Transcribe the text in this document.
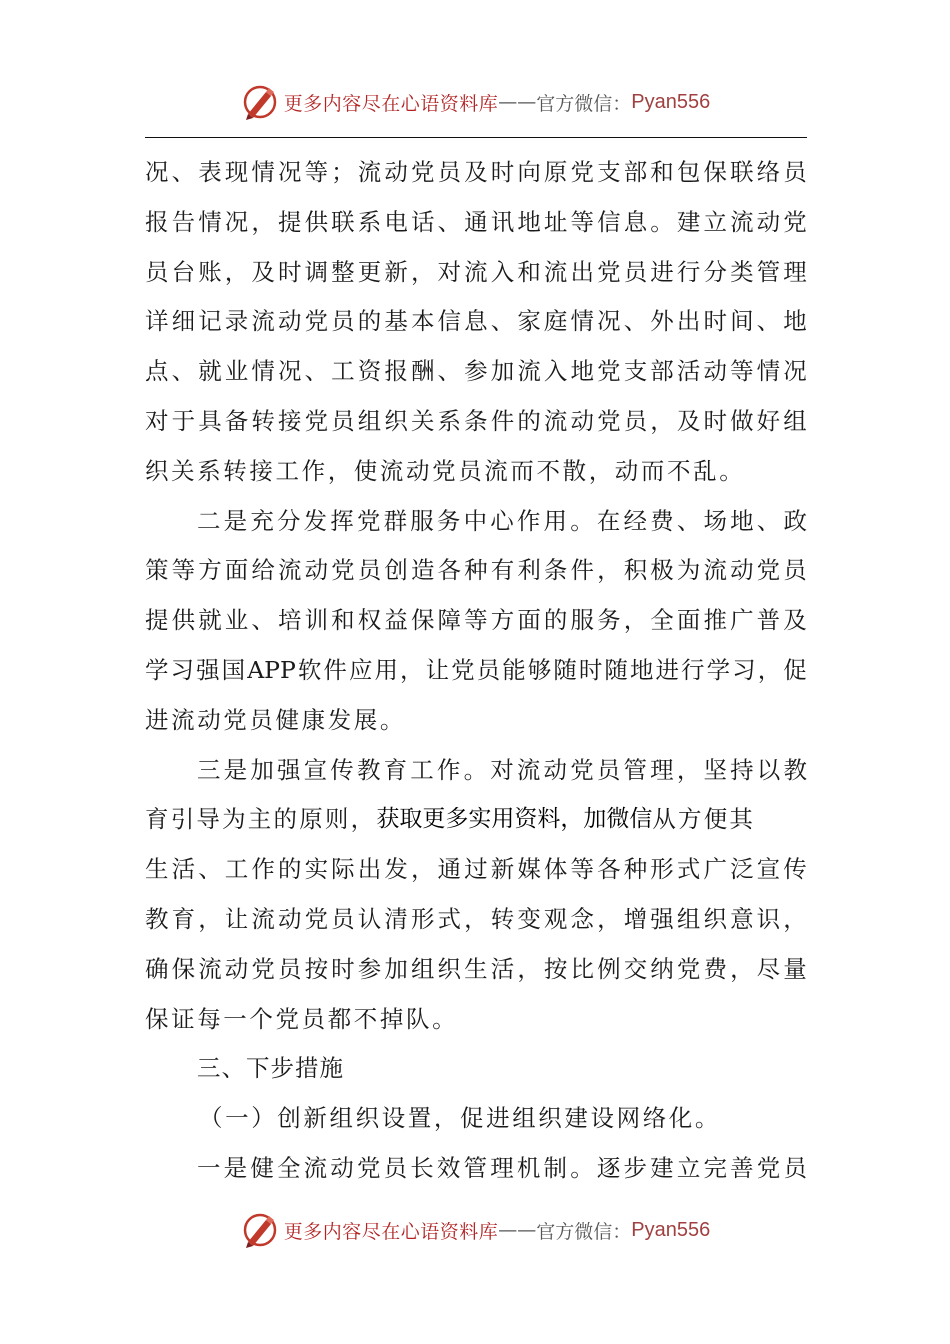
更多内容尽在心语资料库 —— 官方微信： Pyan556
况 、 表 现 情 况 等 ； 流 动 党 员 及 时 向 原 党 支 部 和 包 保 联 络 员
报 告 情 况 ， 提 供 联 系 电 话 、 通 讯 地 址 等 信 息 。 建 立 流 动 党
员 台 账 ， 及 时 调 整 更 新 ， 对 流 入 和 流 出 党 员 进 行 分 类 管 理
详 细 记 录 流 动 党 员 的 基 本 信 息 、 家 庭 情 况 、 外 出 时 间 、 地
点 、 就 业 情 况 、 工 资 报 酬 、 参 加 流 入 地 党 支 部 活 动 等 情 况
对 于 具 备 转 接 党 员 组 织 关 系 条 件 的 流 动 党 员 ， 及 时 做 好 组
织关系转接工作，使流动党员流而不散，动而不乱。
二 是 充 分 发 挥 党 群 服 务 中 心 作 用 。 在 经 费 、 场 地 、 政
策 等 方 面 给 流 动 党 员 创 造 各 种 有 利 条 件 ， 积 极 为 流 动 党 员
提 供 就 业 、 培 训 和 权 益 保 障 等 方 面 的 服 务 ， 全 面 推 广 普 及
学 习 强 国 APP 软 件 应 用 ， 让 党 员 能 够 随 时 随 地 进 行 学 习 ， 促
进流动党员健康发展。
三 是 加 强 宣 传 教 育 工 作 。 对 流 动 党 员 管 理 ， 坚 持 以 教
育引导为主的原则， 获取更多实用资料，加微信 从方便其
生 活 、 工 作 的 实 际 出 发 ， 通 过 新 媒 体 等 各 种 形 式 广 泛 宣 传
教 育 ， 让 流 动 党 员 认 清 形 式 ， 转 变 观 念 ， 增 强 组 织 意 识 ，
确 保 流 动 党 员 按 时 参 加 组 织 生 活 ， 按 比 例 交 纳 党 费 ， 尽 量
保证每一个党员都不掉队。
三、下步措施
（一）创新组织设置，促进组织建设网络化。
一 是 健 全 流 动 党 员 长 效 管 理 机 制 。 逐 步 建 立 完 善 党 员
更多内容尽在心语资料库 —— 官方微信： Pyan556
